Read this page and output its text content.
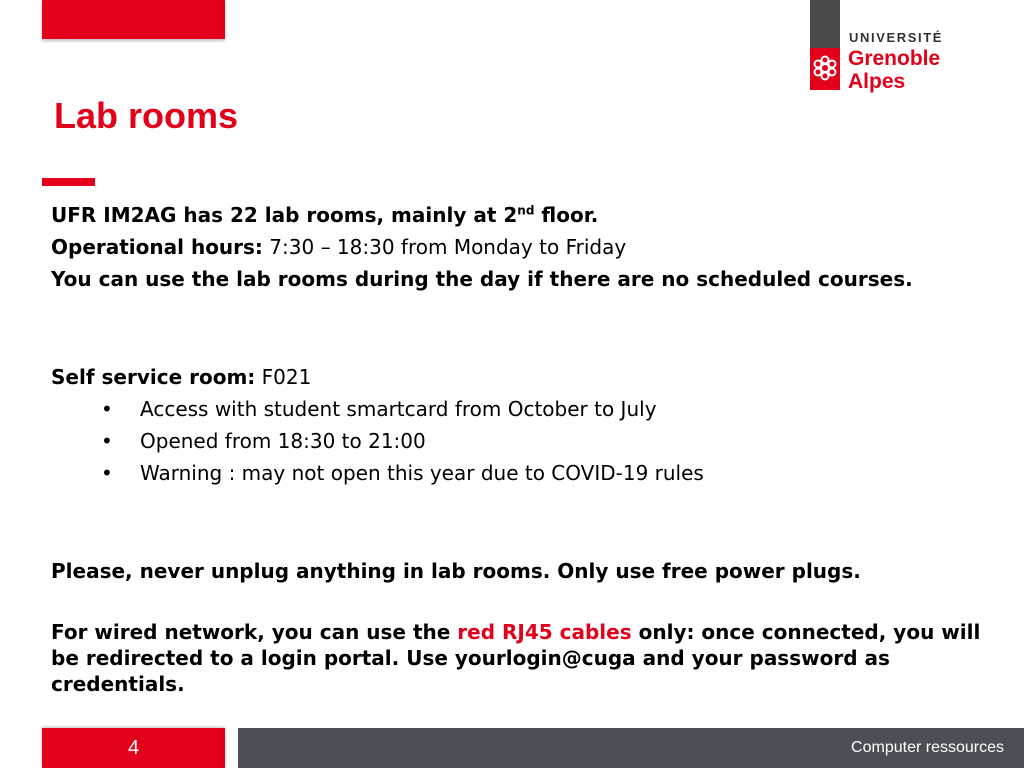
UNIVERSITÉ
Grenoble
Alpes
Lab rooms

UFR IM2AG has 22 lab rooms, mainly at 2nd floor.

Operational hours: 7:30 – 18:30 from Monday to Friday

You can use the lab rooms during the day if there are no scheduled courses.

Self service room: F021

• Access with student smartcard from October to July
• Opened from 18:30 to 21:00
• Warning : may not open this year due to COVID-19 rules

Please, never unplug anything in lab rooms. Only use free power plugs.

For wired network, you can use the red RJ45 cables only: once connected, you will be redirected to a login portal. Use yourlogin@cuga and your password as credentials.

4	Computer ressources
